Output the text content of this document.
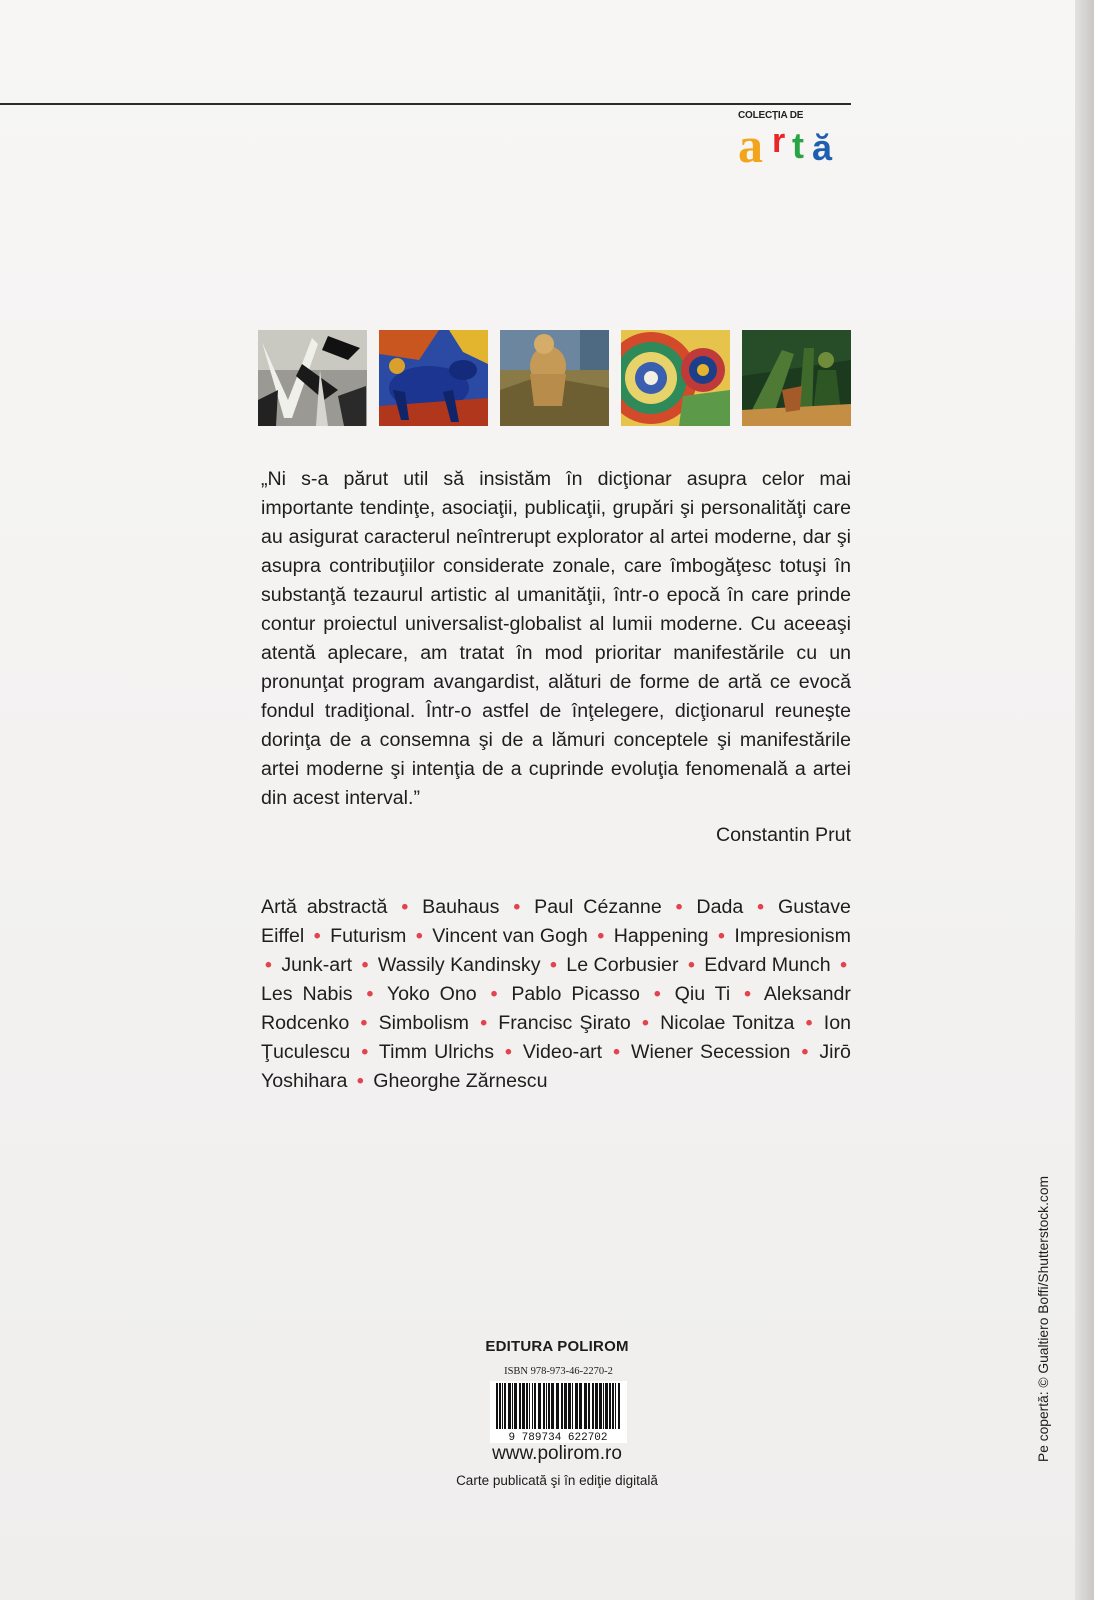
COLECȚIA DE
a r t ă

„Ni s-a părut util să insistăm în dicţionar asupra celor mai importante tendinţe, asociaţii, publicaţii, grupări şi personalităţi care au asigurat caracterul neîntrerupt explorator al artei moderne, dar şi asupra contribuţiilor considerate zonale, care îmbogăţesc totuşi în substanţă tezaurul artistic al umanităţii, într-o epocă în care prinde contur proiectul universalist-globalist al lumii moderne. Cu aceeaşi atentă aplecare, am tratat în mod prioritar manifestările cu un pronunţat program avangardist, alături de forme de artă ce evocă fondul tradiţional. Într-o astfel de înţelegere, dicţionarul reuneşte dorinţa de a consemna şi de a lămuri conceptele şi manifestările artei moderne şi intenţia de a cuprinde evoluţia fenomenală a artei din acest interval.”

Constantin Prut
Artă abstractă • Bauhaus • Paul Cézanne • Dada • Gustave Eiffel • Futurism • Vincent van Gogh • Happening • Impresionism • Junk-art • Wassily Kandinsky • Le Corbusier • Edvard Munch • Les Nabis • Yoko Ono • Pablo Picasso • Qiu Ti • Aleksandr Rodcenko • Simbolism • Francisc Şirato • Nicolae Tonitza • Ion Ţuculescu • Timm Ulrichs • Video-art • Wiener Secession • Jirō Yoshihara • Gheorghe Zărnescu
EDITURA POLIROM
ISBN 978-973-46-2270-2
9 789734 622702
www.polirom.ro
Carte publicată şi în ediţie digitală
Pe copertă: © Gualtiero Boffi/Shutterstock.com
